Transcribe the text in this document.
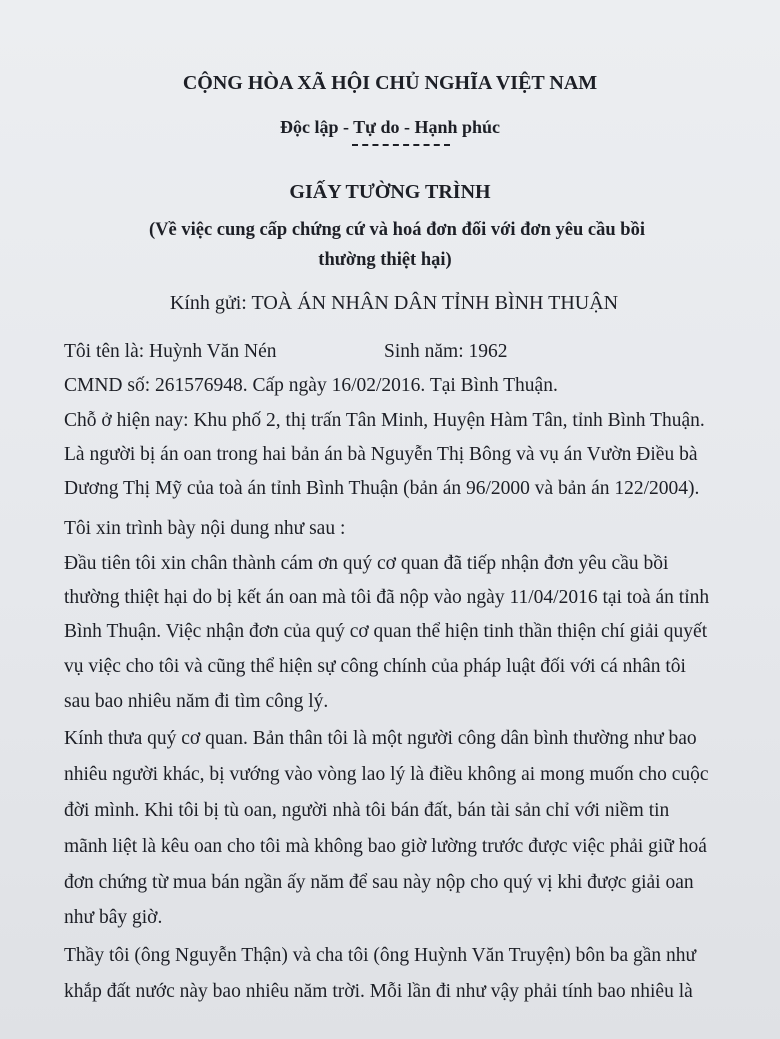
CỘNG HÒA XÃ HỘI CHỦ NGHĨA VIỆT NAM
Độc lập - Tự do - Hạnh phúc
GIẤY TƯỜNG TRÌNH
(Về việc cung cấp chứng cứ và hoá đơn đối với đơn yêu cầu bồi
thường thiệt hại)
Kính gửi: TOÀ ÁN NHÂN DÂN TỈNH BÌNH THUẬN
Tôi tên là: Huỳnh Văn Nén	Sinh năm: 1962
CMND số: 261576948. Cấp ngày 16/02/2016. Tại Bình Thuận.
Chỗ ở hiện nay: Khu phố 2, thị trấn Tân Minh, Huyện Hàm Tân, tỉnh Bình Thuận.
Là người bị án oan trong hai bản án bà Nguyễn Thị Bông và vụ án Vườn Điều bà
Dương Thị Mỹ của toà án tỉnh Bình Thuận (bản án 96/2000 và bản án 122/2004).
Tôi xin trình bày nội dung như sau :
Đầu tiên tôi xin chân thành cám ơn quý cơ quan đã tiếp nhận đơn yêu cầu bồi
thường thiệt hại do bị kết án oan mà tôi đã nộp vào ngày 11/04/2016 tại toà án tỉnh
Bình Thuận. Việc nhận đơn của quý cơ quan thể hiện tinh thần thiện chí giải quyết
vụ việc cho tôi và cũng thể hiện sự công chính của pháp luật đối với cá nhân tôi
sau bao nhiêu năm đi tìm công lý.
Kính thưa quý cơ quan. Bản thân tôi là một người công dân bình thường như bao
nhiêu người khác, bị vướng vào vòng lao lý là điều không ai mong muốn cho cuộc
đời mình. Khi tôi bị tù oan, người nhà tôi bán đất, bán tài sản chỉ với niềm tin
mãnh liệt là kêu oan cho tôi mà không bao giờ lường trước được việc phải giữ hoá
đơn chứng từ mua bán ngần ấy năm để sau này nộp cho quý vị khi được giải oan
như bây giờ.
Thầy tôi (ông Nguyễn Thận) và cha tôi (ông Huỳnh Văn Truyện) bôn ba gần như
khắp đất nước này bao nhiêu năm trời. Mỗi lần đi như vậy phải tính bao nhiêu là
